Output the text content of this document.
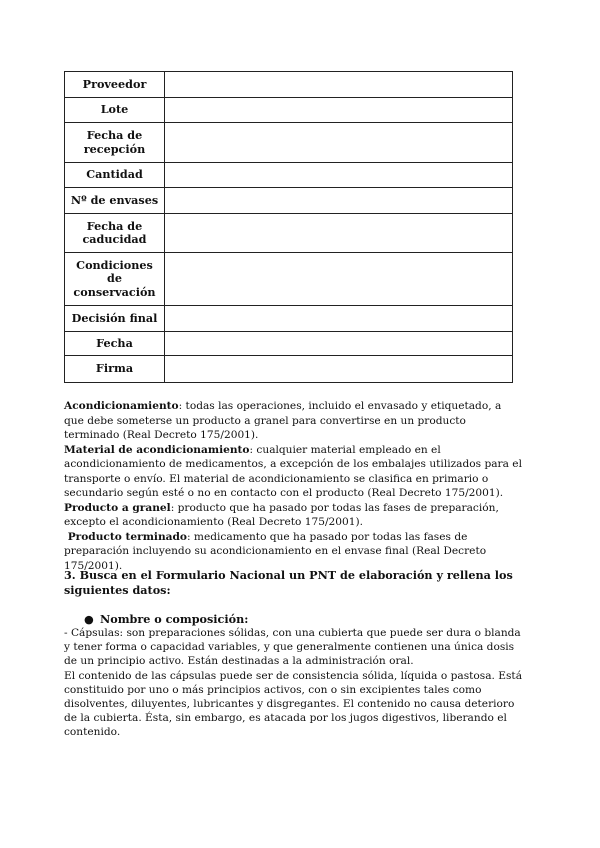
Proveedor	
Lote	
Fecha de recepción	
Cantidad	
Nº de envases	
Fecha de caducidad	
Condiciones de conservación	
Decisión final	
Fecha	
Firma	

Acondicionamiento: todas las operaciones, incluido el envasado y etiquetado, a que debe someterse un producto a granel para convertirse en un producto terminado (Real Decreto 175/2001).

Material de acondicionamiento: cualquier material empleado en el acondicionamiento de medicamentos, a excepción de los embalajes utilizados para el transporte o envío. El material de acondicionamiento se clasifica en primario o secundario según esté o no en contacto con el producto (Real Decreto 175/2001).

Producto a granel: producto que ha pasado por todas las fases de preparación, excepto el acondicionamiento (Real Decreto 175/2001).

Producto terminado: medicamento que ha pasado por todas las fases de preparación incluyendo su acondicionamiento en el envase final (Real Decreto 175/2001).

3. Busca en el Formulario Nacional un PNT de elaboración y rellena los siguientes datos:

● Nombre o composición:

- Cápsulas: son preparaciones sólidas, con una cubierta que puede ser dura o blanda y tener forma o capacidad variables, y que generalmente contienen una única dosis de un principio activo. Están destinadas a la administración oral.

El contenido de las cápsulas puede ser de consistencia sólida, líquida o pastosa. Está constituido por uno o más principios activos, con o sin excipientes tales como disolventes, diluyentes, lubricantes y disgregantes. El contenido no causa deterioro de la cubierta. Ésta, sin embargo, es atacada por los jugos digestivos, liberando el contenido.
